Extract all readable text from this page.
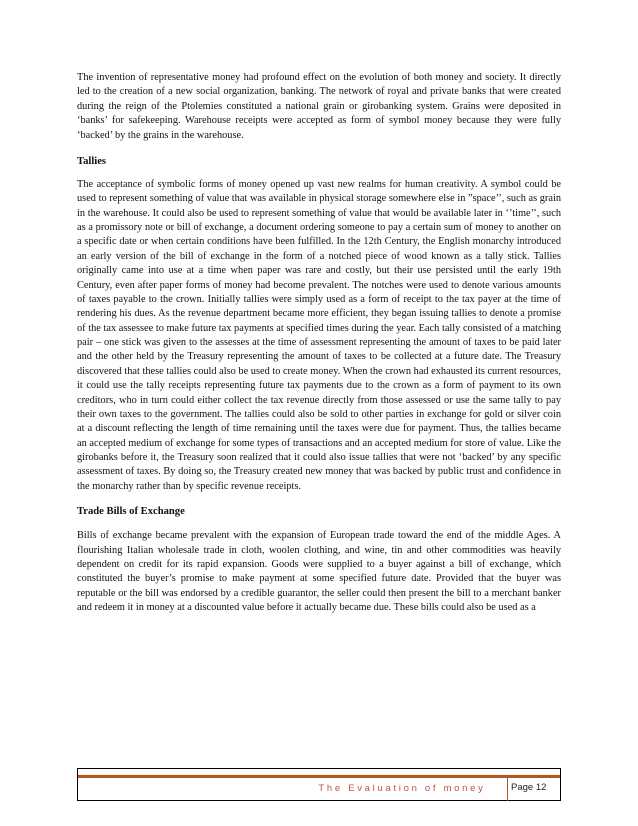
The invention of representative money had profound effect on the evolution of both money and society. It directly led to the creation of a new social organization, banking. The network of royal and private banks that were created during the reign of the Ptolemies constituted a national grain or girobanking system. Grains were deposited in ‘banks’ for safekeeping. Warehouse receipts were accepted as form of symbol money because they were fully ‘backed’ by the grains in the warehouse.

Tallies

The acceptance of symbolic forms of money opened up vast new realms for human creativity. A symbol could be used to represent something of value that was available in physical storage somewhere else in ”space’’, such as grain in the warehouse. It could also be used to represent something of value that would be available later in ‘’time’’, such as a promissory note or bill of exchange, a document ordering someone to pay a certain sum of money to another on a specific date or when certain conditions have been fulfilled. In the 12th Century, the English monarchy introduced an early version of the bill of exchange in the form of a notched piece of wood known as a tally stick. Tallies originally came into use at a time when paper was rare and costly, but their use persisted until the early 19th Century, even after paper forms of money had become prevalent. The notches were used to denote various amounts of taxes payable to the crown. Initially tallies were simply used as a form of receipt to the tax payer at the time of rendering his dues. As the revenue department became more efficient, they began issuing tallies to denote a promise of the tax assessee to make future tax payments at specified times during the year. Each tally consisted of a matching pair – one stick was given to the assesses at the time of assessment representing the amount of taxes to be paid later and the other held by the Treasury representing the amount of taxes to be collected at a future date. The Treasury discovered that these tallies could also be used to create money. When the crown had exhausted its current resources, it could use the tally receipts representing future tax payments due to the crown as a form of payment to its own creditors, who in turn could either collect the tax revenue directly from those assessed or use the same tally to pay their own taxes to the government. The tallies could also be sold to other parties in exchange for gold or silver coin at a discount reflecting the length of time remaining until the taxes were due for payment. Thus, the tallies became an accepted medium of exchange for some types of transactions and an accepted medium for store of value. Like the girobanks before it, the Treasury soon realized that it could also issue tallies that were not ‘backed’ by any specific assessment of taxes. By doing so, the Treasury created new money that was backed by public trust and confidence in the monarchy rather than by specific revenue receipts.

Trade Bills of Exchange

Bills of exchange became prevalent with the expansion of European trade toward the end of the middle Ages. A flourishing Italian wholesale trade in cloth, woolen clothing, and wine, tin and other commodities was heavily dependent on credit for its rapid expansion. Goods were supplied to a buyer against a bill of exchange, which constituted the buyer’s promise to make payment at some specified future date. Provided that the buyer was reputable or the bill was endorsed by a credible guarantor, the seller could then present the bill to a merchant banker and redeem it in money at a discounted value before it actually became due. These bills could also be used as a

The Evaluation of money	Page 12
